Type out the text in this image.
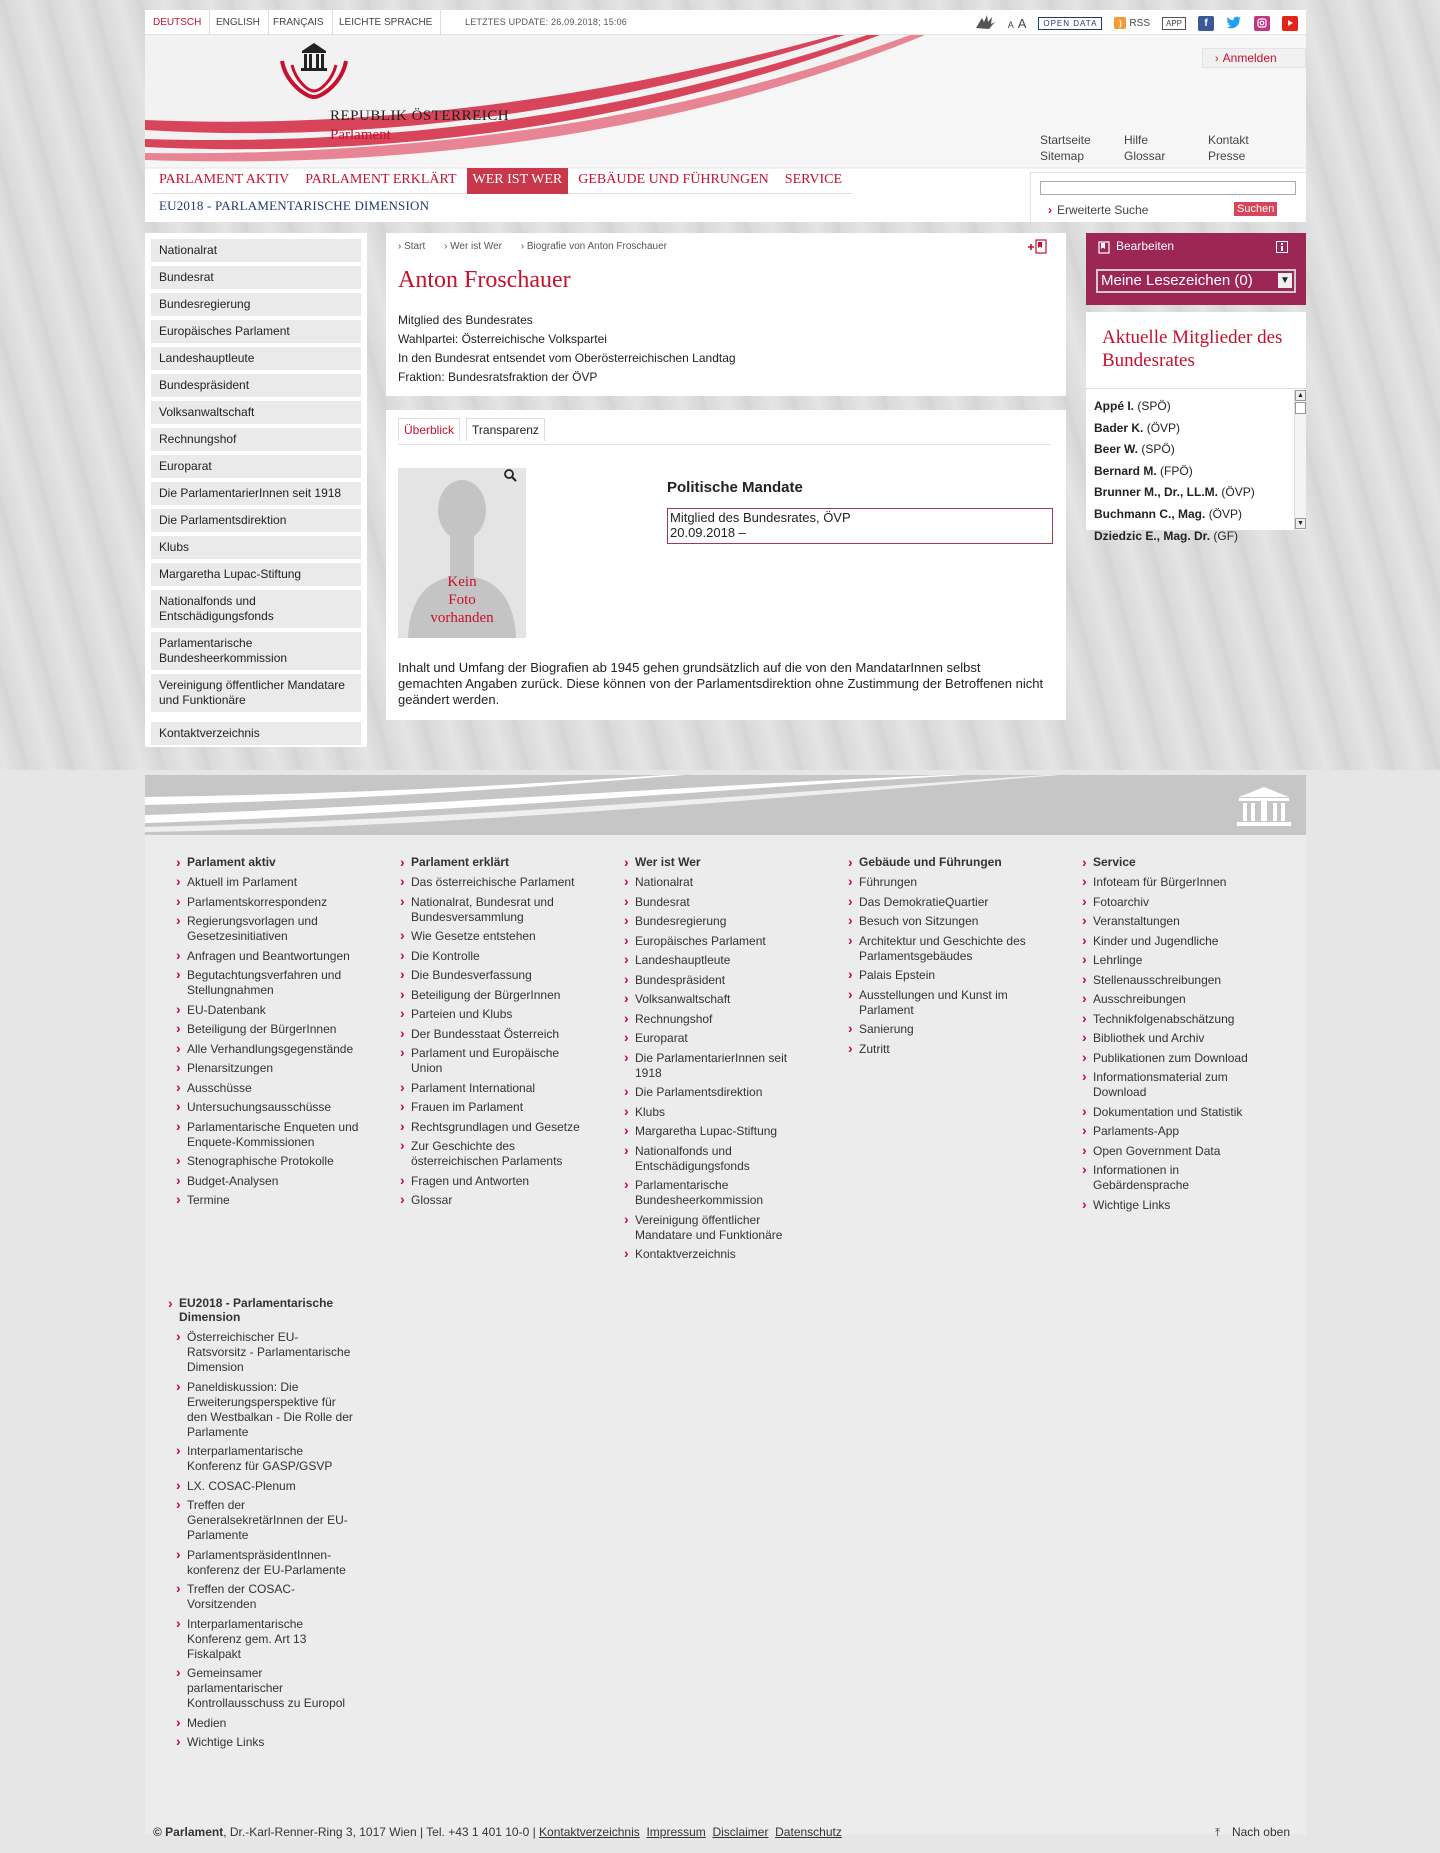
DEUTSCH	ENGLISH	FRANÇAIS	LEICHTE SPRACHE	LETZTES UPDATE: 26.09.2018; 15:06	A A	OPEN DATA	) RSS	APP	f
REPUBLIK ÖSTERREICH
Parlament
› Anmelden
Startseite
Sitemap
Hilfe
Glossar
Kontakt
Presse
PARLAMENT AKTIV	PARLAMENT ERKLÄRT	WER IST WER	GEBÄUDE UND FÜHRUNGEN	SERVICE
EU2018 - PARLAMENTARISCHE DIMENSION	› Erweiterte Suche	Suchen
Nationalrat
Bundesrat
Bundesregierung
Europäisches Parlament
Landeshauptleute
Bundespräsident
Volksanwaltschaft
Rechnungshof
Europarat
Die ParlamentarierInnen seit 1918
Die Parlamentsdirektion
Klubs
Margaretha Lupac-Stiftung
Nationalfonds und Entschädigungsfonds
Parlamentarische Bundesheerkommission
Vereinigung öffentlicher Mandatare und Funktionäre
Kontaktverzeichnis
› Start › Wer ist Wer › Biografie von Anton Froschauer
Anton Froschauer
Mitglied des Bundesrates
Wahlpartei: Österreichische Volkspartei
In den Bundesrat entsendet vom Oberösterreichischen Landtag
Fraktion: Bundesratsfraktion der ÖVP
Überblick	Transparenz
Kein
Foto
vorhanden
Politische Mandate
Mitglied des Bundesrates, ÖVP
20.09.2018 –
Inhalt und Umfang der Biografien ab 1945 gehen grundsätzlich auf die von den MandatarInnen selbst gemachten Angaben zurück. Diese können von der Parlamentsdirektion ohne Zustimmung der Betroffenen nicht geändert werden.
Bearbeiten
Meine Lesezeichen (0)	▼
Aktuelle Mitglieder des
Bundesrates
Appé I. (SPÖ)
Bader K. (ÖVP)
Beer W. (SPÖ)
Bernard M. (FPÖ)
Brunner M., Dr., LL.M. (ÖVP)
Buchmann C., Mag. (ÖVP)
Dziedzic E., Mag. Dr. (GF)
▲
▼
› Parlament aktiv
› Aktuell im Parlament
› Parlamentskorrespondenz
› Regierungsvorlagen und Gesetzesinitiativen
› Anfragen und Beantwortungen
› Begutachtungsverfahren und Stellungnahmen
› EU-Datenbank
› Beteiligung der BürgerInnen
› Alle Verhandlungsgegenstände
› Plenarsitzungen
› Ausschüsse
› Untersuchungsausschüsse
› Parlamentarische Enqueten und Enquete-Kommissionen
› Stenographische Protokolle
› Budget-Analysen
› Termine
› Parlament erklärt
› Das österreichische Parlament
› Nationalrat, Bundesrat und Bundesversammlung
› Wie Gesetze entstehen
› Die Kontrolle
› Die Bundesverfassung
› Beteiligung der BürgerInnen
› Parteien und Klubs
› Der Bundesstaat Österreich
› Parlament und Europäische Union
› Parlament International
› Frauen im Parlament
› Rechtsgrundlagen und Gesetze
› Zur Geschichte des österreichischen Parlaments
› Fragen und Antworten
› Glossar
› Wer ist Wer
› Nationalrat
› Bundesrat
› Bundesregierung
› Europäisches Parlament
› Landeshauptleute
› Bundespräsident
› Volksanwaltschaft
› Rechnungshof
› Europarat
› Die ParlamentarierInnen seit 1918
› Die Parlamentsdirektion
› Klubs
› Margaretha Lupac-Stiftung
› Nationalfonds und Entschädigungsfonds
› Parlamentarische Bundesheerkommission
› Vereinigung öffentlicher Mandatare und Funktionäre
› Kontaktverzeichnis
› Gebäude und Führungen
› Führungen
› Das DemokratieQuartier
› Besuch von Sitzungen
› Architektur und Geschichte des Parlamentsgebäudes
› Palais Epstein
› Ausstellungen und Kunst im Parlament
› Sanierung
› Zutritt
› Service
› Infoteam für BürgerInnen
› Fotoarchiv
› Veranstaltungen
› Kinder und Jugendliche
› Lehrlinge
› Stellenausschreibungen
› Ausschreibungen
› Technikfolgenabschätzung
› Bibliothek und Archiv
› Publikationen zum Download
› Informationsmaterial zum Download
› Dokumentation und Statistik
› Parlaments-App
› Open Government Data
› Informationen in Gebärdensprache
› Wichtige Links
› EU2018 - Parlamentarische Dimension
› Österreichischer EU-Ratsvorsitz - Parlamentarische Dimension
› Paneldiskussion: Die Erweiterungsperspektive für den Westbalkan - Die Rolle der Parlamente
› Interparlamentarische Konferenz für GASP/GSVP
› LX. COSAC-Plenum
› Treffen der GeneralsekretärInnen der EU-Parlamente
› ParlamentspräsidentInnen-konferenz der EU-Parlamente
› Treffen der COSAC-Vorsitzenden
› Interparlamentarische Konferenz gem. Art 13 Fiskalpakt
› Gemeinsamer parlamentarischer Kontrollausschuss zu Europol
› Medien
› Wichtige Links
© Parlament, Dr.-Karl-Renner-Ring 3, 1017 Wien | Tel. +43 1 401 10-0 | Kontaktverzeichnis Impressum Disclaimer Datenschutz	⤒ Nach oben
